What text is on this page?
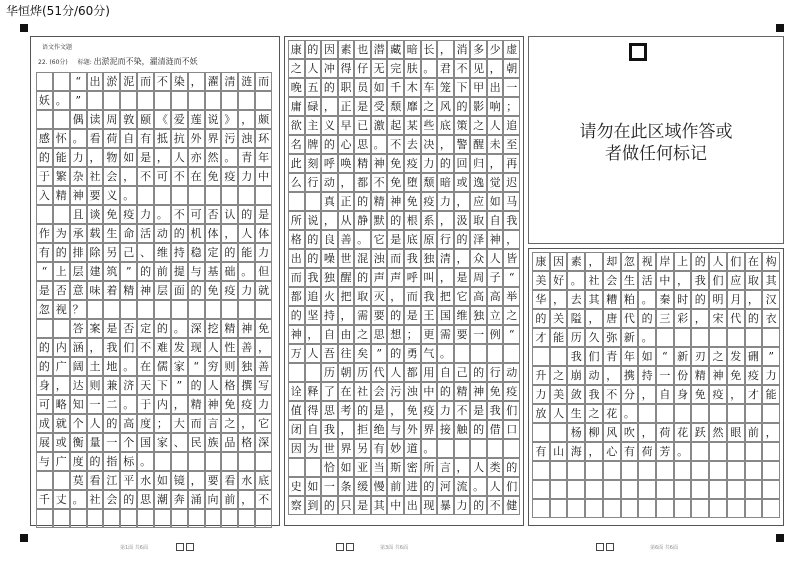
华恒烨(51分/60分)
语文作文题
22. (60分) 标题: 出淤泥而不染，濯清涟而不妖
“ 出 淤 泥 而 不 染 ， 濯 清 涟 而
妖 。 ”
偶 读 周 敦 颐 《 爱 莲 说 》 ， 颇
感 怀 。 看 荷 自 有 抵 抗 外 界 污 浊 环
的 能 力 ， 物 如 是 ， 人 亦 然 。 青 年
于 繁 杂 社 会 ， 不 可 不 在 免 疫 力 中
入 精 神 要 义 。
且 谈 免 疫 力 。 不 可 否 认 的 是
作 为 承 载 生 命 活 动 的 机 体 ， 人 体
有 的 排 除 另 己 、 维 持 稳 定 的 能 力
“ 上 层 建 筑 ” 的 前 提 与 基 础 。 但
是 否 意 味 着 精 神 层 面 的 免 疫 力 就
忽 视 ？
答 案 是 否 定 的 。 深 挖 精 神 免
的 内 涵 ， 我 们 不 难 发 现 人 性 善 ，
的 广 阔 土 地 。 在 儒 家 “ 穷 则 独 善
身 ， 达 则 兼 济 天 下 ” 的 人 格 撰 写
可 略 知 一 二 。 于 内 ， 精 神 免 疫 力
成 就 个 人 的 高 度 ； 大 而 言 之 ， 它
展 或 衡 量 一 个 国 家 、 民 族 品 格 深
与 广 度 的 指 标 。
莫 看 江 平 水 如 镜 ， 要 看 水 底
千 丈 。 社 会 的 思 潮 奔 涌 向 前 ， 不
第1面 共6面
康 的 因 素 也 潜 藏 暗 长 ， 消 多 少 虚
之 人 冲 得 仔 无 完 肤 。 君 不 见 ， 朝
晚 五 的 职 员 如 千 木 车 笼 下 甲 出 一
庸 碌 ， 正 是 受 颓 靡 之 风 的 影 响 ；
欲 主 义 早 已 激 起 某 些 底 策 之 人 追
名 牌 的 心 思 。 不 去 决 ， 警 醒 未 至
此 刻 呼 唤 精 神 免 疫 力 的 回 归 ， 再
么 行 动 ， 都 不 免 堕 颓 暗 或 逸 觉 迟
真 正 的 精 神 免 疫 力 ， 应 如 马
所 说 ， 从 静 默 的 根 系 ， 汲 取 自 我
格 的 良 善 。 它 是 底 原 行 的 泽 神 ，
出 的 噪 世 混 浊 而 我 独 清 ， 众 人 皆
而 我 独 醒 的 声 声 呼 叫 ， 是 周 子 “
都 追 火 把 取 灭 ， 而 我 把 它 高 高 举
的 坚 持 ， 需 要 的 是 王 国 维 独 立 之
神 ， 自 由 之 思 想 ； 更 需 要 一 例 “
万 人 吾 往 矣 ” 的 勇 气 。
历 朝 历 代 人 都 用 自 己 的 行 动
诠 释 了 在 社 会 污 浊 中 的 精 神 免 疫
值 得 思 考 的 是 ， 免 疫 力 不 是 我 们
闭 自 我 ， 拒 绝 与 外 界 接 触 的 借 口
因 为 世 界 另 有 妙 道 。
恰 如 亚 当 斯 密 所 言 ， 人 类 的
史 如 一 条 缓 慢 前 进 的 河 流 。 人 们
察 到 的 只 是 其 中 出 现 暴 力 的 不 健
第3面 共6面
请勿在此区域作答或
者做任何标记
康 因 素 ， 却 忽 视 岸 上 的 人 们 在 构
美 好 。 社 会 生 活 中 ， 我 们 应 取 其
华 ， 去 其 糟 粕 。 秦 时 的 明 月 ， 汉
的 关 隘 ， 唐 代 的 三 彩 ， 宋 代 的 衣
才 能 历 久 弥 新 。
我 们 青 年 如 “ 新 刃 之 发 硎 ”
升 之 崩 动 ， 携 持 一 份 精 神 免 疫 力
力 美 敛 我 不 分 ， 自 身 免 疫 ， 才 能
放 人 生 之 花 。
杨 柳 风 吹 ， 荷 花 跃 然 眼 前 ，
有 山 海 ， 心 有 荷 芳 。
第6面 共6面
